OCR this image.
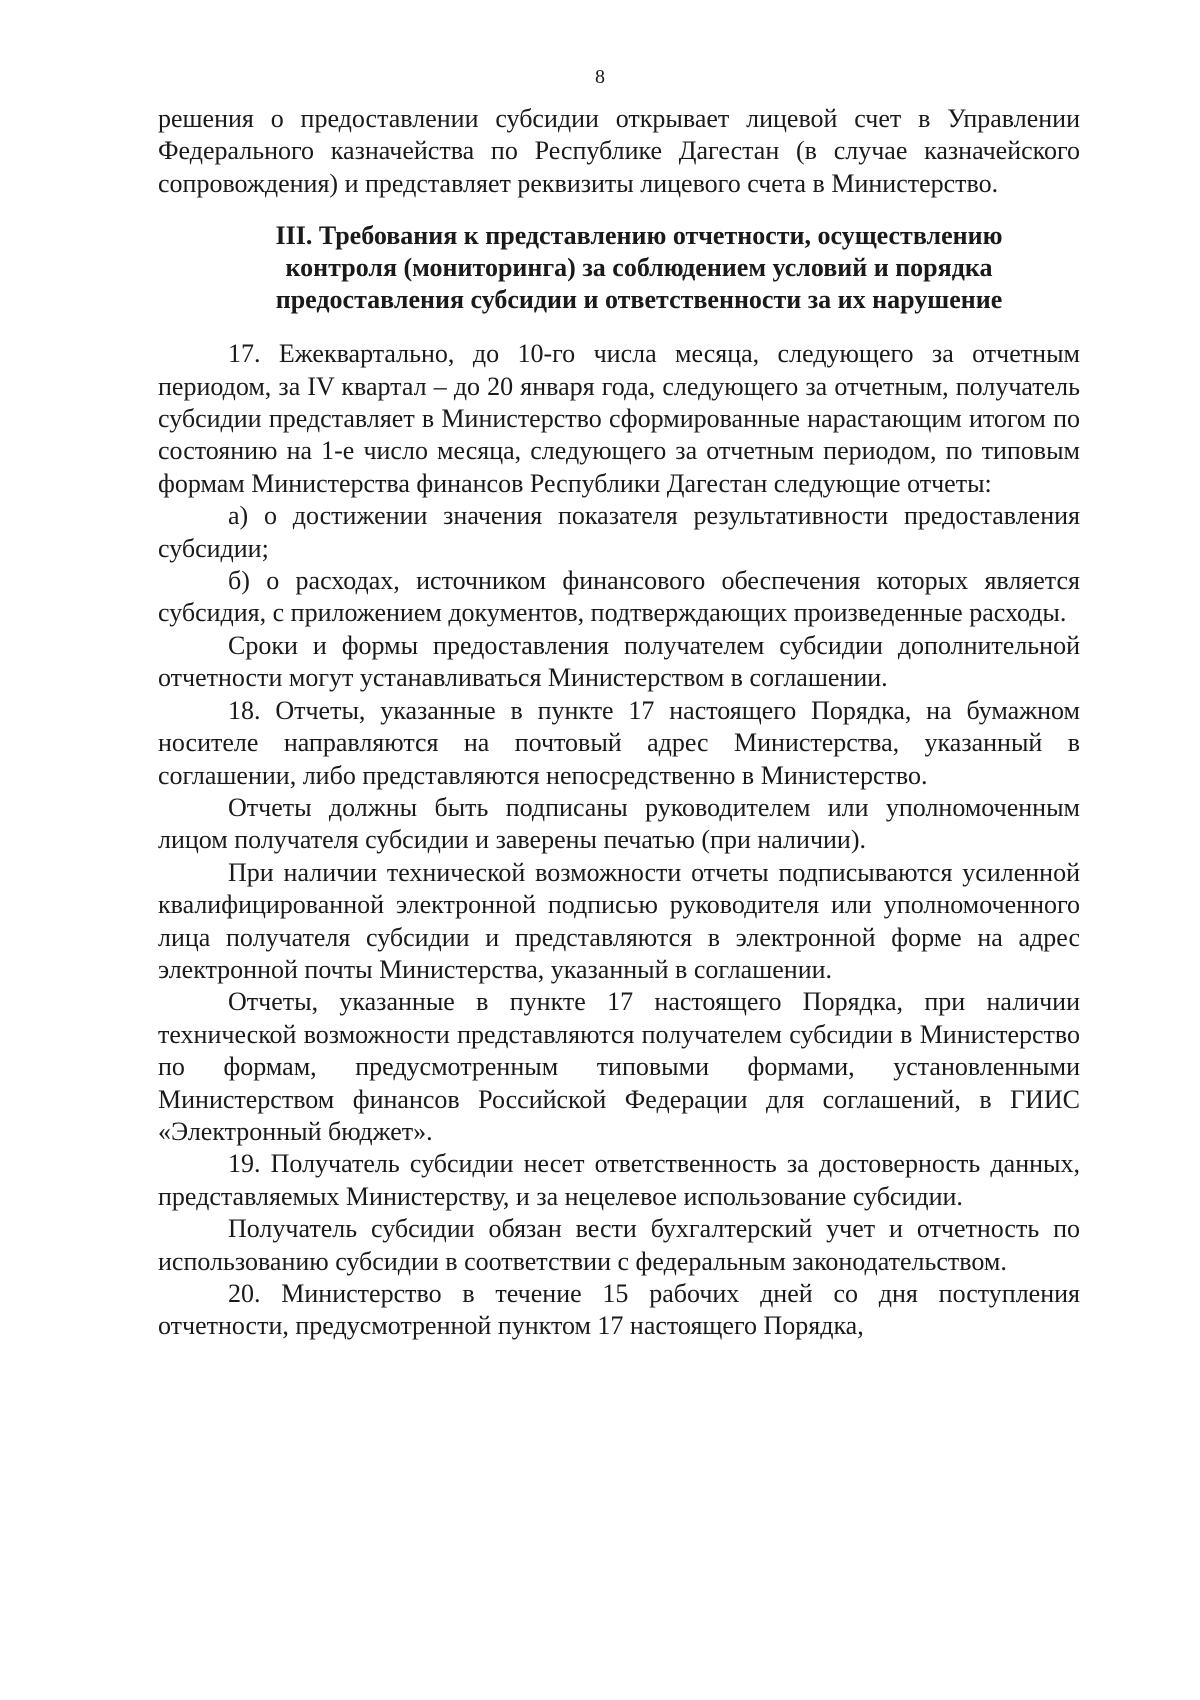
8

решения о предоставлении субсидии открывает лицевой счет в Управлении Федерального казначейства по Республике Дагестан (в случае казначейского сопровождения) и представляет реквизиты лицевого счета в Министерство.

III. Требования к представлению отчетности, осуществлению
контроля (мониторинга) за соблюдением условий и порядка
предоставления субсидии и ответственности за их нарушение

17. Ежеквартально, до 10-го числа месяца, следующего за отчетным периодом, за IV квартал – до 20 января года, следующего за отчетным, получатель субсидии представляет в Министерство сформированные нарастающим итогом по состоянию на 1-е число месяца, следующего за отчетным периодом, по типовым формам Министерства финансов Республики Дагестан следующие отчеты:

а) о достижении значения показателя результативности предоставления субсидии;

б) о расходах, источником финансового обеспечения которых является субсидия, с приложением документов, подтверждающих произведенные расходы.

Сроки и формы предоставления получателем субсидии дополнительной отчетности могут устанавливаться Министерством в соглашении.

18. Отчеты, указанные в пункте 17 настоящего Порядка, на бумажном носителе направляются на почтовый адрес Министерства, указанный в соглашении, либо представляются непосредственно в Министерство.

Отчеты должны быть подписаны руководителем или уполномоченным лицом получателя субсидии и заверены печатью (при наличии).

При наличии технической возможности отчеты подписываются усиленной квалифицированной электронной подписью руководителя или уполномоченного лица получателя субсидии и представляются в электронной форме на адрес электронной почты Министерства, указанный в соглашении.

Отчеты, указанные в пункте 17 настоящего Порядка, при наличии технической возможности представляются получателем субсидии в Министерство по формам, предусмотренным типовыми формами, установленными Министерством финансов Российской Федерации для соглашений, в ГИИС «Электронный бюджет».

19. Получатель субсидии несет ответственность за достоверность данных, представляемых Министерству, и за нецелевое использование субсидии.

Получатель субсидии обязан вести бухгалтерский учет и отчетность по использованию субсидии в соответствии с федеральным законодательством.

20. Министерство в течение 15 рабочих дней со дня поступления отчетности, предусмотренной пунктом 17 настоящего Порядка,
